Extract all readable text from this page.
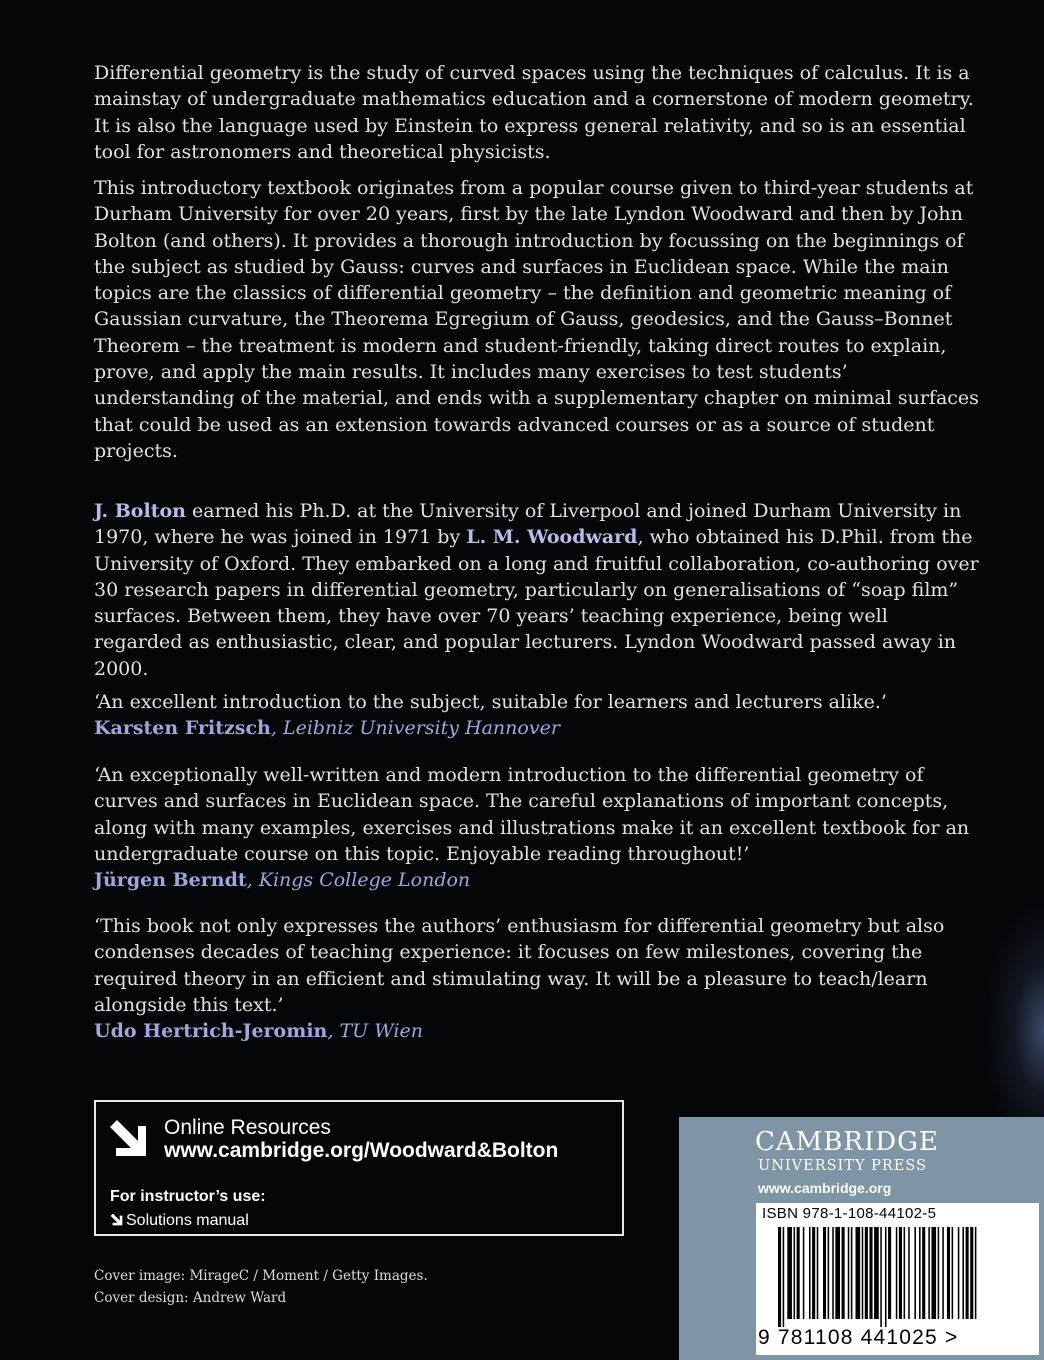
Differential geometry is the study of curved spaces using the techniques of calculus. It is a mainstay of undergraduate mathematics education and a cornerstone of modern geometry. It is also the language used by Einstein to express general relativity, and so is an essential tool for astronomers and theoretical physicists.

This introductory textbook originates from a popular course given to third-year students at Durham University for over 20 years, first by the late Lyndon Woodward and then by John Bolton (and others). It provides a thorough introduction by focussing on the beginnings of the subject as studied by Gauss: curves and surfaces in Euclidean space. While the main topics are the classics of differential geometry – the definition and geometric meaning of Gaussian curvature, the Theorema Egregium of Gauss, geodesics, and the Gauss–Bonnet Theorem – the treatment is modern and student-friendly, taking direct routes to explain, prove, and apply the main results. It includes many exercises to test students’ understanding of the material, and ends with a supplementary chapter on minimal surfaces that could be used as an extension towards advanced courses or as a source of student projects.

J. Bolton earned his Ph.D. at the University of Liverpool and joined Durham University in 1970, where he was joined in 1971 by L. M. Woodward, who obtained his D.Phil. from the University of Oxford. They embarked on a long and fruitful collaboration, co-authoring over 30 research papers in differential geometry, particularly on generalisations of “soap film” surfaces. Between them, they have over 70 years’ teaching experience, being well regarded as enthusiastic, clear, and popular lecturers. Lyndon Woodward passed away in 2000.

‘An excellent introduction to the subject, suitable for learners and lecturers alike.’

Karsten Fritzsch, Leibniz University Hannover

‘An exceptionally well-written and modern introduction to the differential geometry of curves and surfaces in Euclidean space. The careful explanations of important concepts, along with many examples, exercises and illustrations make it an excellent textbook for an undergraduate course on this topic. Enjoyable reading throughout!’

Jürgen Berndt, Kings College London

‘This book not only expresses the authors’ enthusiasm for differential geometry but also condenses decades of teaching experience: it focuses on few milestones, covering the required theory in an efficient and stimulating way. It will be a pleasure to teach/learn alongside this text.’

Udo Hertrich-Jeromin, TU Wien

Online Resources
www.cambridge.org/Woodward&Bolton
For instructor’s use:
Solutions manual
Cover image: MirageC / Moment / Getty Images.
Cover design: Andrew Ward
CAMBRIDGE
UNIVERSITY PRESS
www.cambridge.org
ISBN 978-1-108-44102-5
9 781108 441025 >
